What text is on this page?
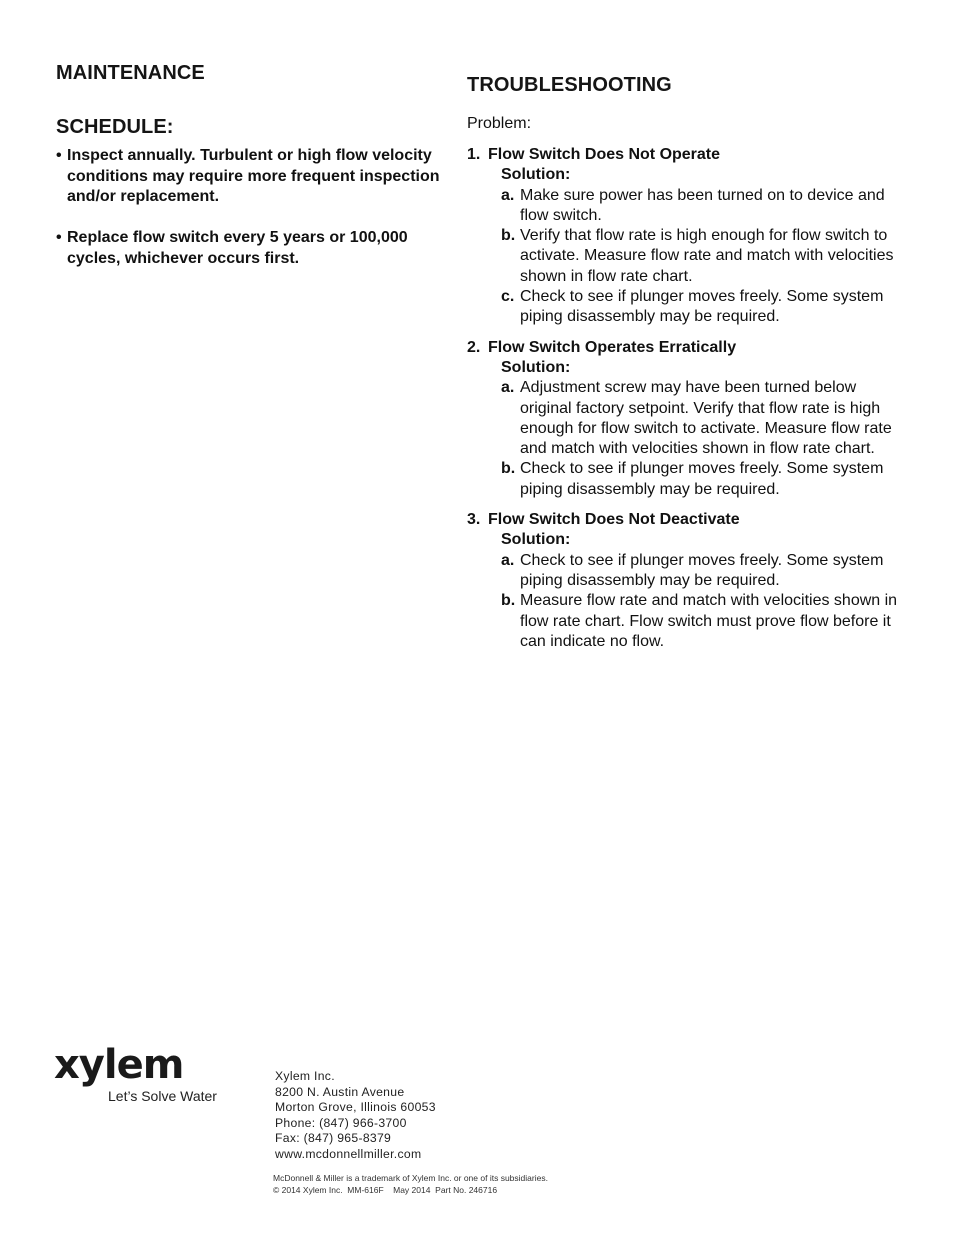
MAINTENANCE
SCHEDULE:
• Inspect annually. Turbulent or high flow velocity conditions may require more frequent inspection and/or replacement.
• Replace flow switch every 5 years or 100,000 cycles, whichever occurs first.
TROUBLESHOOTING
Problem:
1. Flow Switch Does Not Operate
Solution:
a. Make sure power has been turned on to device and flow switch.
b. Verify that flow rate is high enough for flow switch to activate. Measure flow rate and match with velocities shown in flow rate chart.
c. Check to see if plunger moves freely. Some system piping disassembly may be required.
2. Flow Switch Operates Erratically
Solution:
a. Adjustment screw may have been turned below original factory setpoint. Verify that flow rate is high enough for flow switch to activate. Measure flow rate and match with velocities shown in flow rate chart.
b. Check to see if plunger moves freely. Some system piping disassembly may be required.
3. Flow Switch Does Not Deactivate
Solution:
a. Check to see if plunger moves freely. Some system piping disassembly may be required.
b. Measure flow rate and match with velocities shown in flow rate chart. Flow switch must prove flow before it can indicate no flow.
xylem
Let’s Solve Water
Xylem Inc.
8200 N. Austin Avenue
Morton Grove, Illinois 60053
Phone: (847) 966-3700
Fax: (847) 965-8379
www.mcdonnellmiller.com
McDonnell & Miller is a trademark of Xylem Inc. or one of its subsidiaries.
© 2014 Xylem Inc.  MM-616F    May 2014  Part No. 246716
